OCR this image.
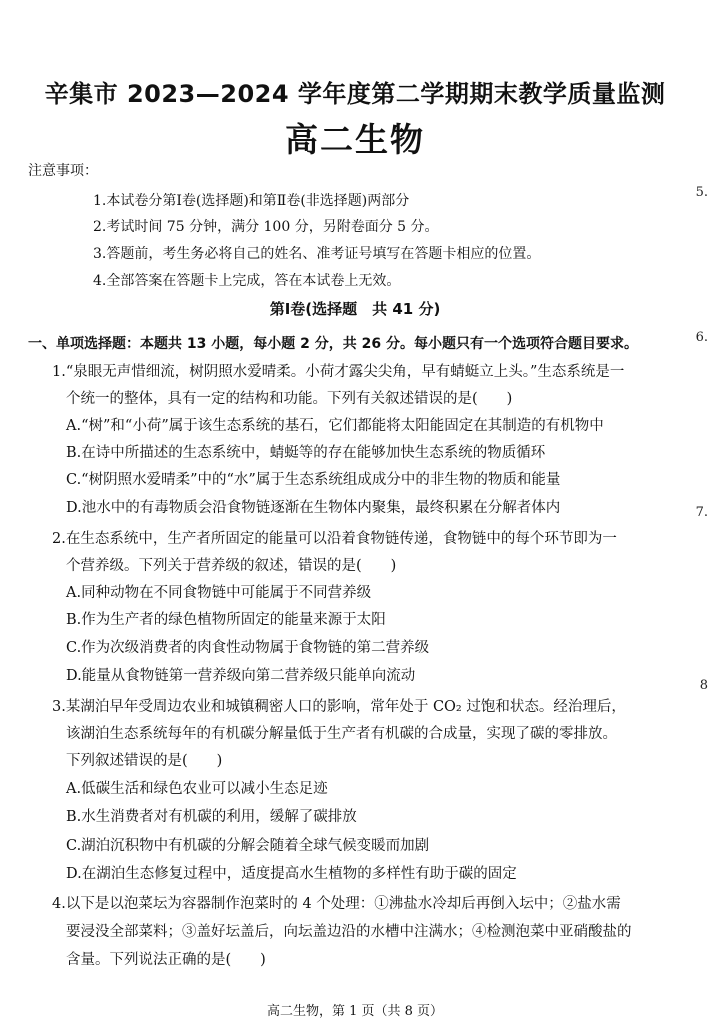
辛集市 2023—2024 学年度第二学期期末教学质量监测
高二生物
注意事项：
1.本试卷分第Ⅰ卷(选择题)和第Ⅱ卷(非选择题)两部分
2.考试时间 75 分钟，满分 100 分，另附卷面分 5 分。
3.答题前，考生务必将自己的姓名、准考证号填写在答题卡相应的位置。
4.全部答案在答题卡上完成，答在本试卷上无效。
第Ⅰ卷(选择题　共 41 分)
一、单项选择题：本题共 13 小题，每小题 2 分，共 26 分。每小题只有一个选项符合题目要求。
1.“泉眼无声惜细流，树阴照水爱晴柔。小荷才露尖尖角，早有蜻蜓立上头。”生态系统是一
个统一的整体，具有一定的结构和功能。下列有关叙述错误的是(　　)
A.“树”和“小荷”属于该生态系统的基石，它们都能将太阳能固定在其制造的有机物中
B.在诗中所描述的生态系统中，蜻蜓等的存在能够加快生态系统的物质循环
C.“树阴照水爱晴柔”中的“水”属于生态系统组成成分中的非生物的物质和能量
D.池水中的有毒物质会沿食物链逐渐在生物体内聚集，最终积累在分解者体内
2.在生态系统中，生产者所固定的能量可以沿着食物链传递，食物链中的每个环节即为一
个营养级。下列关于营养级的叙述，错误的是(　　)
A.同种动物在不同食物链中可能属于不同营养级
B.作为生产者的绿色植物所固定的能量来源于太阳
C.作为次级消费者的肉食性动物属于食物链的第二营养级
D.能量从食物链第一营养级向第二营养级只能单向流动
3.某湖泊早年受周边农业和城镇稠密人口的影响，常年处于 CO₂ 过饱和状态。经治理后，
该湖泊生态系统每年的有机碳分解量低于生产者有机碳的合成量，实现了碳的零排放。
下列叙述错误的是(　　)
A.低碳生活和绿色农业可以减小生态足迹
B.水生消费者对有机碳的利用，缓解了碳排放
C.湖泊沉积物中有机碳的分解会随着全球气候变暖而加剧
D.在湖泊生态修复过程中，适度提高水生植物的多样性有助于碳的固定
4.以下是以泡菜坛为容器制作泡菜时的 4 个处理：①沸盐水冷却后再倒入坛中；②盐水需
要浸没全部菜料；③盖好坛盖后，向坛盖边沿的水槽中注满水；④检测泡菜中亚硝酸盐的
含量。下列说法正确的是(　　)
5.
6.
7.
8
高二生物，第 1 页（共 8 页）
